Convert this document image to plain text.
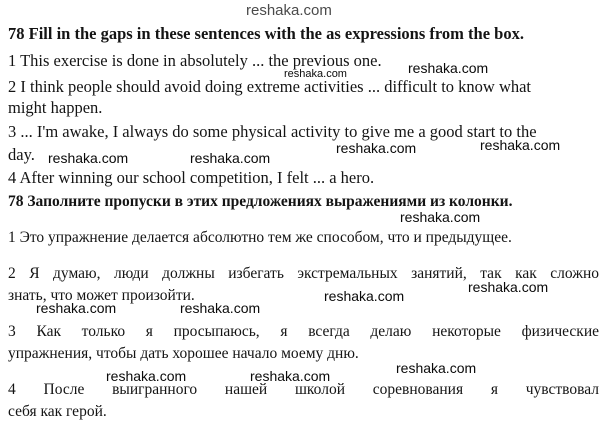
78 Fill in the gaps in these sentences with the as expressions from the box.
1 This exercise is done in absolutely ... the previous one.
2 I think people should avoid doing extreme activities ... difficult to know what
might happen.
3 ... I'm awake, I always do some physical activity to give me a good start to the
day.
4 After winning our school competition, I felt ... a hero.
78 Заполните пропуски в этих предложениях выражениями из колонки.
1 Это упражнение делается абсолютно тем же способом, что и предыдущее.
2 Я думаю, люди должны избегать экстремальных занятий, так как сложно
знать, что может произойти.
3 Как только я просыпаюсь, я всегда делаю некоторые физические
упражнения, чтобы дать хорошее начало моему дню.
4 После выигранного нашей школой соревнования я чувствовал
себя как герой.
reshaka.com
reshaka.com	reshaka.com
reshaka.com
reshaka.com
reshaka.com	reshaka.com
reshaka.com
reshaka.com
reshaka.com
reshaka.com	reshaka.com
reshaka.com
reshaka.com	reshaka.com
